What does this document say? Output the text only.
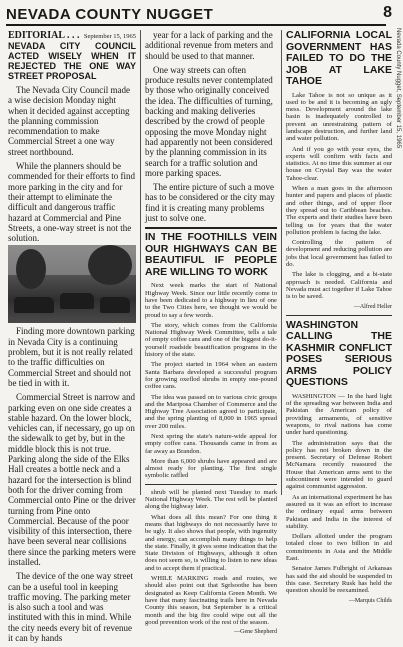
NEVADA COUNTY NUGGET	8
Nevada County Nugget, September 15, 1965
EDITORIAL . . . September 15, 1965
NEVADA CITY COUNCIL ACTED WISELY WHEN IT REJECTED THE ONE WAY STREET PROPOSAL

The Nevada City Council made a wise decision Monday night when it decided against accepting the planning commission recommendation to make Commercial Street a one way street northbound.

While the planners should be commended for their efforts to find more parking in the city and for their attempt to eliminate the difficult and dangerous traffic hazard at Commercial and Pine Streets, a one-way street is not the solution.

Finding more downtown parking in Nevada City is a continuing problem, but it is not really related to the traffic difficulties on Commercial Street and should not be tied in with it.

Commercial Street is narrow and parking even on one side creates a stable hazard. On the lower block, vehicles can, if necessary, go up on the sidewalk to get by, but in the middle block this is not true. Parking along the side of the Elks Hall creates a bottle neck and a hazard for the intersection is blind both for the driver coming from Commercial onto Pine or the driver turning from Pine onto Commercial. Because of the poor visibility of this intersection, there have been several near collisions there since the parking meters were installed.

The device of the one way street can be a useful tool in keeping traffic moving. The parking meter is also such a tool and was instituted with this in mind. While the city needs every bit of revenue it can by hands

year for a lack of parking and the additional revenue from meters and should be used to that manner.

One way streets can often produce results never contemplated by those who originally conceived the idea. The difficulties of turning, backing and making deliveries described by the crowd of people opposing the move Monday night had apparently not been considered by the planning commission in its search for a traffic solution and more parking spaces.

The entire picture of such a move has to be considered or the city may find it is creating many problems just to solve one.

IN THE FOOTHILLS VEIN OUR HIGHWAYS CAN BE BEAUTIFUL IF PEOPLE ARE WILLING TO WORK

Next week marks the start of National Highway Week. Since our little recently come to have been dedicated to a highway in lieu of one to the Two Cities here, we thought we would be proud to say a few words.

The story, which comes from the California National Highway Week Committee, tells a tale of empty coffee cans and one of the biggest do-it-yourself roadside beautification programs in the history of the state.

The project started in 1964 when an eastern Santa Barbara developed a successful program for growing oxeflod shrubs in empty one-pound coffee cans.

The idea was passed on to various civic groups and the Mariposa Chamber of Commerce and the Highway Tree Association agreed to participate, and the spring planting of 8,000 in 1965 spread over 200 miles.

Next spring the state's nature-wide appeal for empty coffee cans. Thousands came in from as far away as Brandon.

More than 6,000 shrubs have appeared and are almost ready for planting. The first single symbolic raffled

shrub will be planted next Tuesday to mark National Highway Week. The rest will be planted along the highway later.

What does all this mean? For one thing it means that highways do not necessarily have to be ugly. It also shows that people, with ingenuity and energy, can accomplish many things to help the state. Finally, it gives some indication that the State Division of Highways, although it often does not seem so, is willing to listen to new ideas and to accept them if practical.

WHILE MARKING roads and routes, we should also point out that Sgrlsoothe has been designated as Keep California Green Month. We have that many fascinating trails here in Nevada County this season, but September is a critical month and the big fire could wipe out all the good prevention work of the rest of the season.

—Gene Shepherd
CALIFORNIA LOCAL GOVERNMENT HAS FAILED TO DO THE JOB AT LAKE TAHOE

Lake Tahoe is not so unique as it used to be and it is becoming an ugly mess. Development around the lake basin is inadequately controlled to prevent an unrestraining pattern of landscape destruction, and further land and water pollution.

And if you go with your eyes, the experts will confirm with facts and statistics. At no time this summer at our house on Crystal Bay was the water Tahoe-clear.

When a man goes in the afternoon hunter and papers and places of plastic and other things, and of upper floor they spread out to Caribbean beaches. The experts and their studies have been telling us for years that the water pollution problem is facing the lake.

Controlling the pattern of development and reducing pollution are jobs that local government has failed to do.

The lake is clogging, and a bi-state approach is needed. California and Nevada must act together if Lake Tahoe is to be saved.

—Alfred Heller
WASHINGTON CALLING THE KASHMIR CONFLICT POSES SERIOUS ARMS POLICY QUESTIONS

WASHINGTON — In the hard light of the spreading war between India and Pakistan the American policy of providing armaments, of sensitive weapons, to rival nations has come under hard questioning.

The administration says that the policy has not broken down in the present. Secretary of Defense Robert McNamara recently reassured the House that American arms sent to the subcontinent were intended to guard against communist aggression.

As an international experiment he has assured us it was an effort to increase the ordinary equal arms between Pakistan and India in the interest of stability.

Dollars allotted under the program totaled close to two billion in aid commitments in Asia and the Middle East.

Senator James Fulbright of Arkansas has said the aid should be suspended in this case. Secretary Rusk has held the question should be reexamined.

—Marquis Childs
